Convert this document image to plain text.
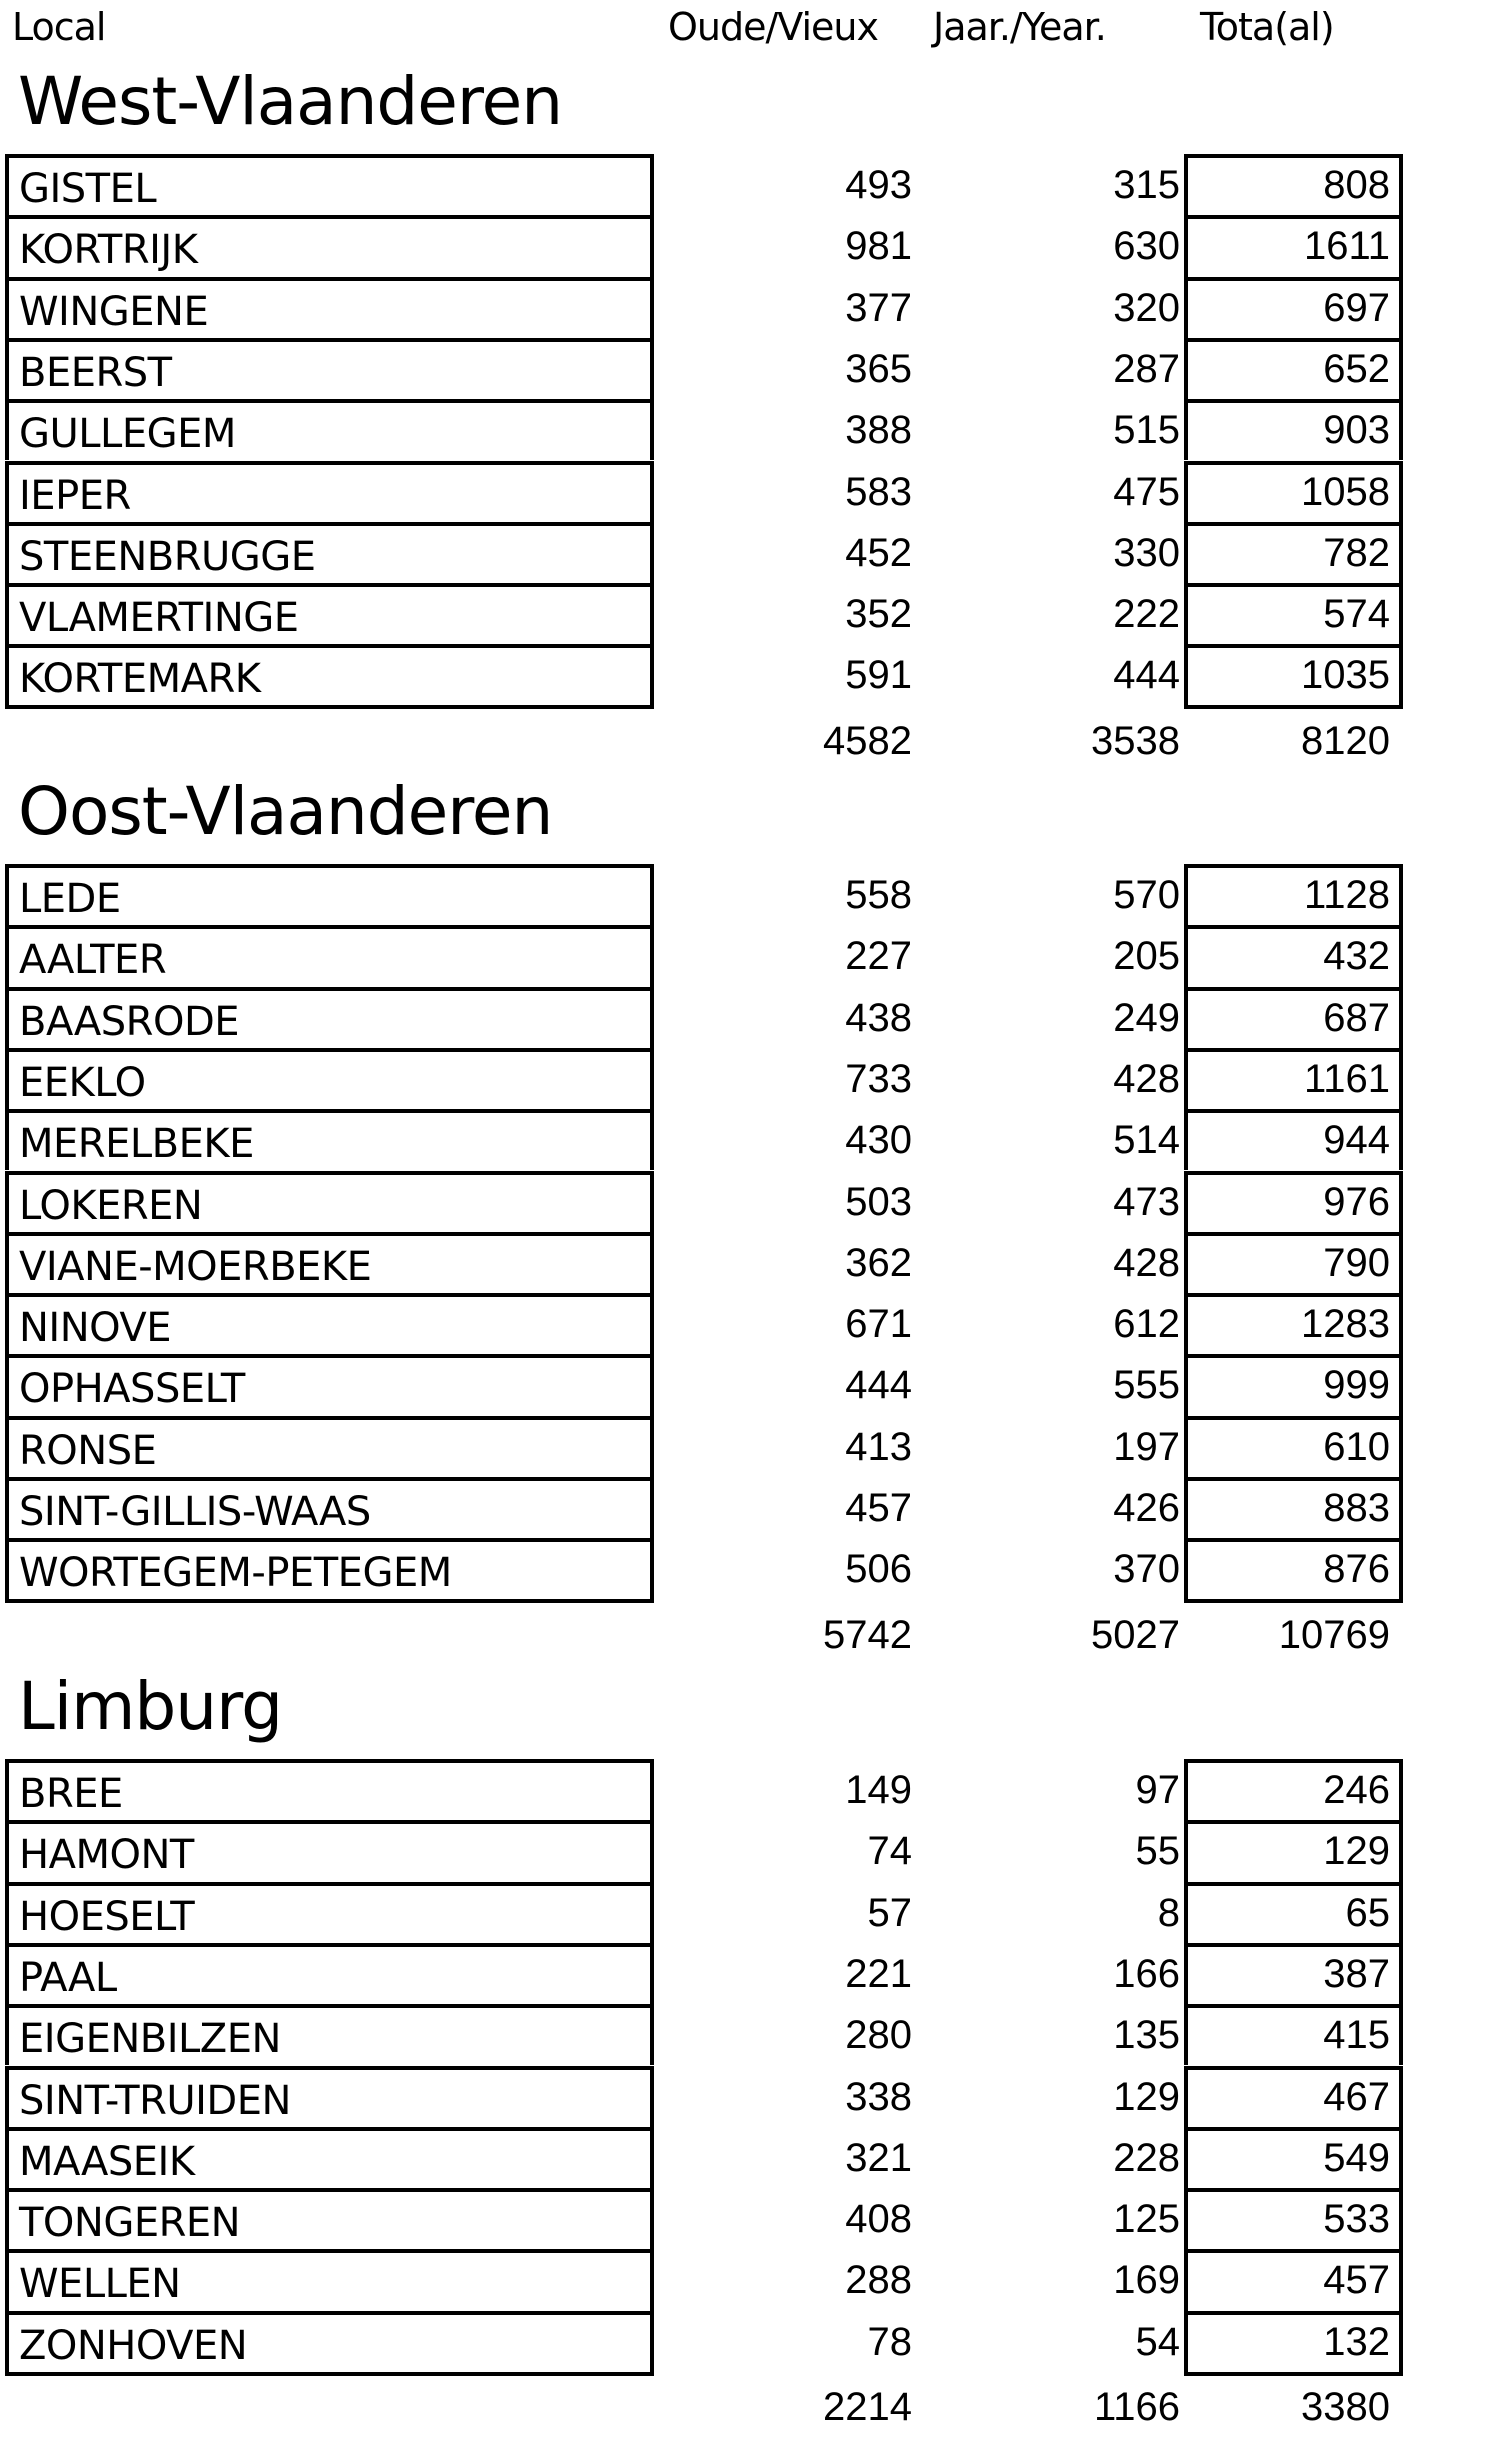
Local	Oude/Vieux Jaar./Year. Tota(al)
West-Vlaanderen
GISTEL	493	315	808
KORTRIJK	981	630	1611
WINGENE	377	320	697
BEERST	365	287	652
GULLEGEM	388	515	903
IEPER	583	475	1058
STEENBRUGGE	452	330	782
VLAMERTINGE	352	222	574
KORTEMARK	591	444	1035
4582	3538	8120
Oost-Vlaanderen
LEDE	558	570	1128
AALTER	227	205	432
BAASRODE	438	249	687
EEKLO	733	428	1161
MERELBEKE	430	514	944
LOKEREN	503	473	976
VIANE-MOERBEKE	362	428	790
NINOVE	671	612	1283
OPHASSELT	444	555	999
RONSE	413	197	610
SINT-GILLIS-WAAS	457	426	883
WORTEGEM-PETEGEM	506	370	876
5742	5027	10769
Limburg
BREE	149	97	246
HAMONT	74	55	129
HOESELT	57	8	65
PAAL	221	166	387
EIGENBILZEN	280	135	415
SINT-TRUIDEN	338	129	467
MAASEIK	321	228	549
TONGEREN	408	125	533
WELLEN	288	169	457
ZONHOVEN	78	54	132
2214	1166	3380
